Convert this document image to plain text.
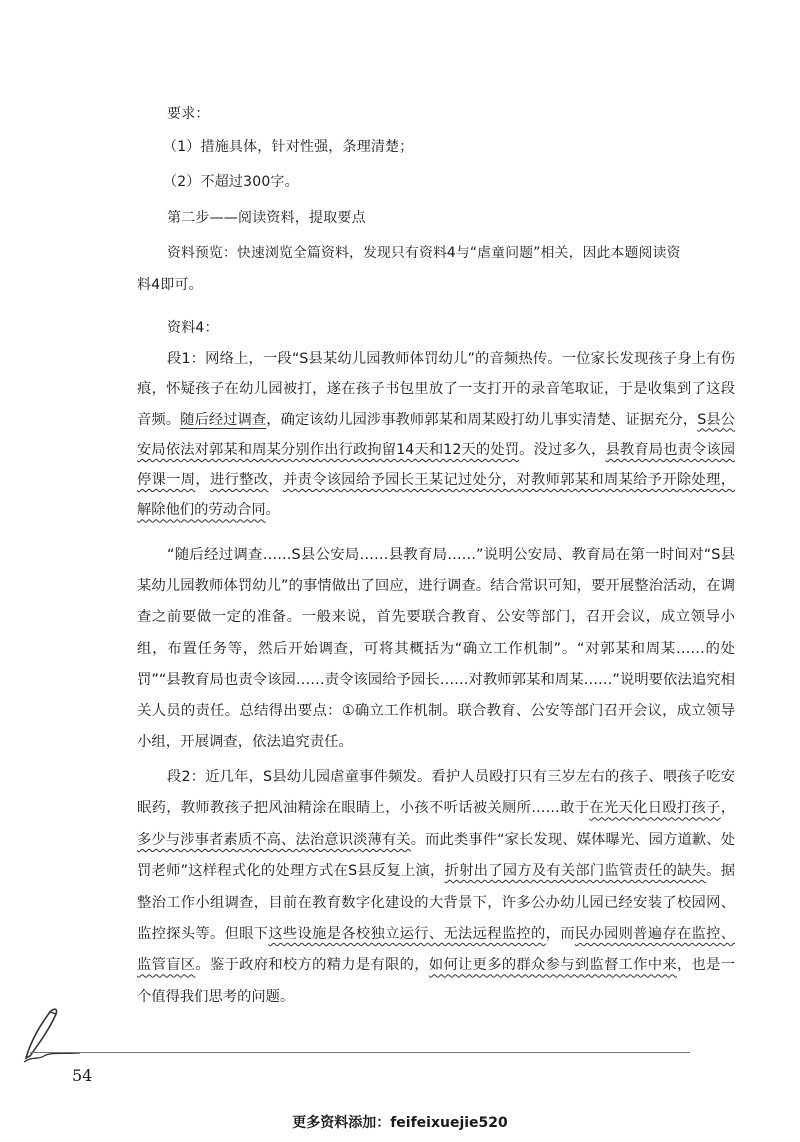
要求：
（1）措施具体，针对性强，条理清楚；
（2）不超过300字。
第二步——阅读资料，提取要点
资料预览：快速浏览全篇资料，发现只有资料4与“虐童问题”相关，因此本题阅读资
料4即可。
资料4：

段1：网络上，一段“S县某幼儿园教师体罚幼儿”的音频热传。一位家长发现孩子身上有伤痕，怀疑孩子在幼儿园被打，遂在孩子书包里放了一支打开的录音笔取证，于是收集到了这段音频。随后经过调查，确定该幼儿园涉事教师郭某和周某殴打幼儿事实清楚、证据充分，S县公安局依法对郭某和周某分别作出行政拘留14天和12天的处罚。没过多久，县教育局也责令该园停课一周，进行整改，并责令该园给予园长王某记过处分，对教师郭某和周某给予开除处理，解除他们的劳动合同。

“随后经过调查……S县公安局……县教育局……”说明公安局、教育局在第一时间对“S县某幼儿园教师体罚幼儿”的事情做出了回应，进行调查。结合常识可知，要开展整治活动，在调查之前要做一定的准备。一般来说，首先要联合教育、公安等部门，召开会议，成立领导小组，布置任务等，然后开始调查，可将其概括为“确立工作机制”。“对郭某和周某……的处罚”“县教育局也责令该园……责令该园给予园长……对教师郭某和周某……”说明要依法追究相关人员的责任。总结得出要点：①确立工作机制。联合教育、公安等部门召开会议，成立领导小组，开展调查，依法追究责任。

段2：近几年，S县幼儿园虐童事件频发。看护人员殴打只有三岁左右的孩子、喂孩子吃安眠药，教师教孩子把风油精涂在眼睛上，小孩不听话被关厕所……敢于在光天化日殴打孩子，多少与涉事者素质不高、法治意识淡薄有关。而此类事件“家长发现、媒体曝光、园方道歉、处罚老师”这样程式化的处理方式在S县反复上演，折射出了园方及有关部门监管责任的缺失。据整治工作小组调查，目前在教育数字化建设的大背景下，许多公办幼儿园已经安装了校园网、监控探头等。但眼下这些设施是各校独立运行、无法远程监控的，而民办园则普遍存在监控、监管盲区。鉴于政府和校方的精力是有限的，如何让更多的群众参与到监督工作中来，也是一个值得我们思考的问题。

54
更多资料添加：feifeixuejie520
